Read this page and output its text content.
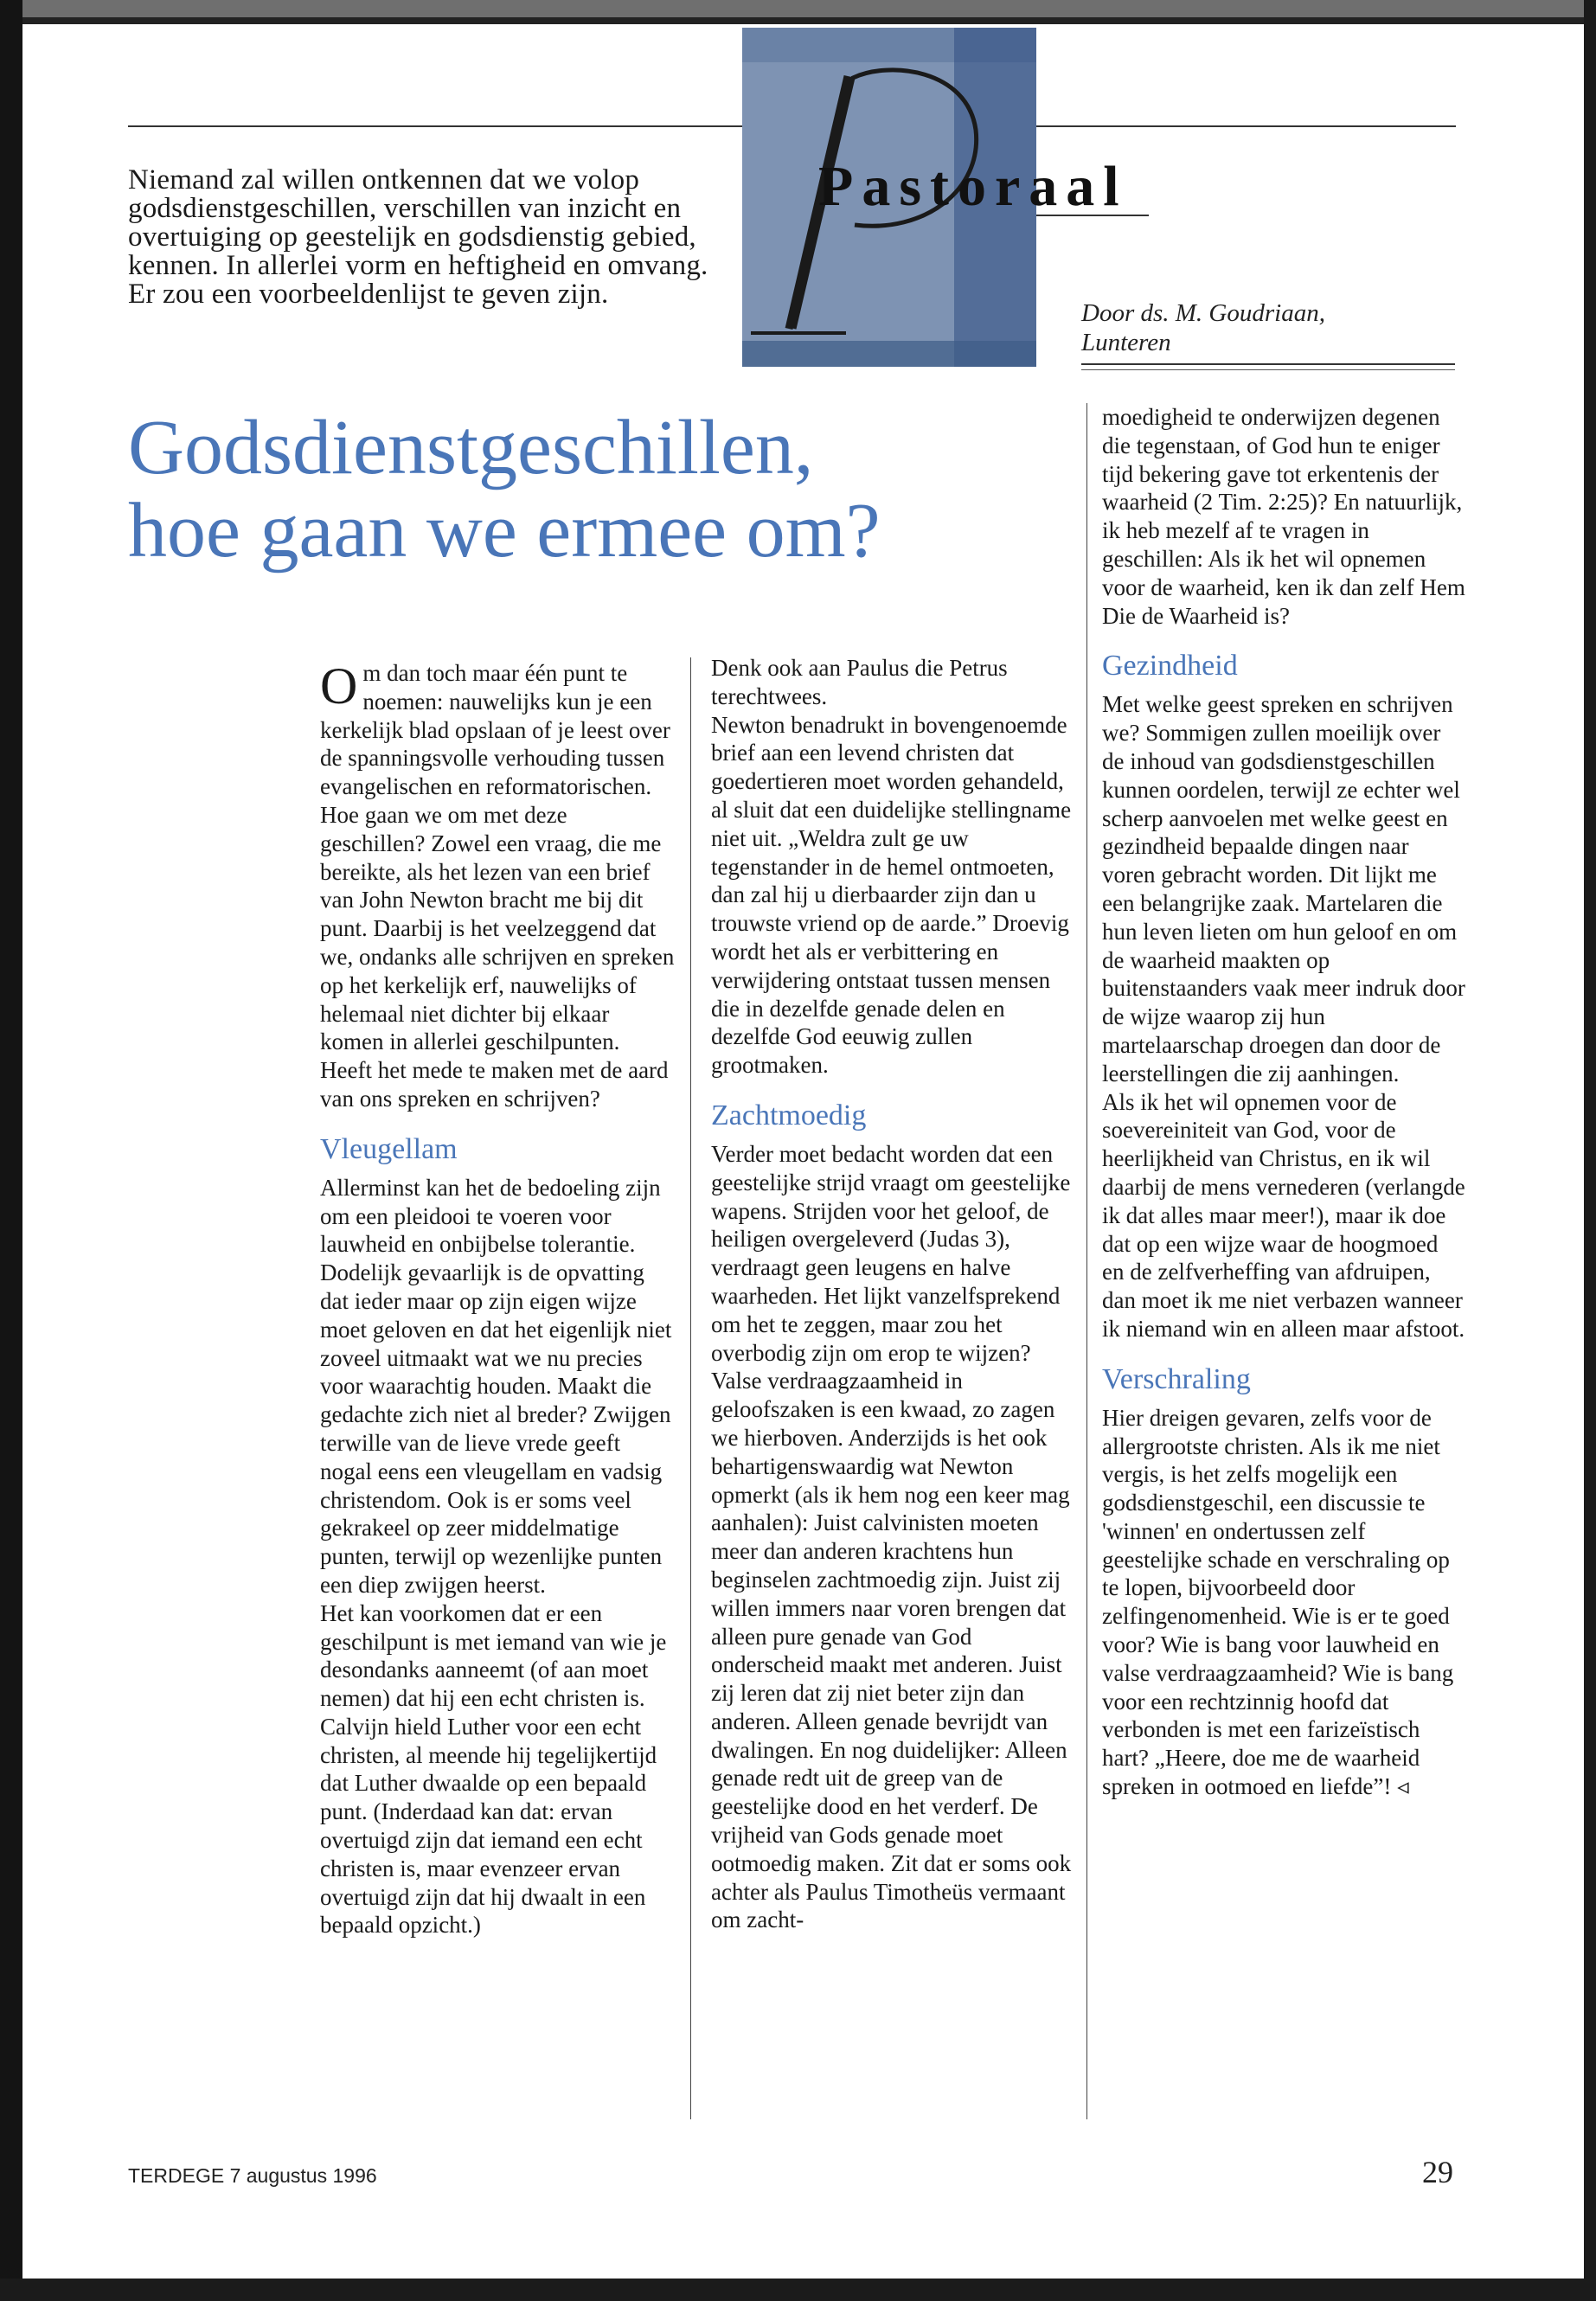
Niemand zal willen ontkennen dat we volop godsdienstgeschillen, verschillen van inzicht en overtuiging op geestelijk en godsdienstig gebied, kennen. In allerlei vorm en heftigheid en omvang. Er zou een voorbeeldenlijst te geven zijn.
Pastoraal
Door ds. M. Goudriaan,
Lunteren
Godsdienstgeschillen,
hoe gaan we ermee om?

Om dan toch maar één punt te noemen: nauwelijks kun je een kerkelijk blad opslaan of je leest over de spanningsvolle verhouding tussen evangelischen en reformatorischen. Hoe gaan we om met deze geschillen? Zowel een vraag, die me bereikte, als het lezen van een brief van John Newton bracht me bij dit punt. Daarbij is het veelzeggend dat we, ondanks alle schrijven en spreken op het kerkelijk erf, nauwelijks of helemaal niet dichter bij elkaar komen in allerlei geschilpunten. Heeft het mede te maken met de aard van ons spreken en schrijven?

Vleugellam

Allerminst kan het de bedoeling zijn om een pleidooi te voeren voor lauwheid en onbijbelse tolerantie. Dodelijk gevaarlijk is de opvatting dat ieder maar op zijn eigen wijze moet geloven en dat het eigenlijk niet zoveel uitmaakt wat we nu precies voor waarachtig houden. Maakt die gedachte zich niet al breder? Zwijgen terwille van de lieve vrede geeft nogal eens een vleugellam en vadsig christendom. Ook is er soms veel gekrakeel op zeer middelmatige punten, terwijl op wezenlijke punten een diep zwijgen heerst.

Het kan voorkomen dat er een geschilpunt is met iemand van wie je desondanks aanneemt (of aan moet nemen) dat hij een echt christen is. Calvijn hield Luther voor een echt christen, al meende hij tegelijkertijd dat Luther dwaalde op een bepaald punt. (Inderdaad kan dat: ervan overtuigd zijn dat iemand een echt christen is, maar evenzeer ervan overtuigd zijn dat hij dwaalt in een bepaald opzicht.)

Denk ook aan Paulus die Petrus terechtwees.

Newton benadrukt in bovengenoemde brief aan een levend christen dat goedertieren moet worden gehandeld, al sluit dat een duidelijke stellingname niet uit. „Weldra zult ge uw tegenstander in de hemel ontmoeten, dan zal hij u dierbaarder zijn dan u trouwste vriend op de aarde.” Droevig wordt het als er verbittering en verwijdering ontstaat tussen mensen die in dezelfde genade delen en dezelfde God eeuwig zullen grootmaken.

Zachtmoedig

Verder moet bedacht worden dat een geestelijke strijd vraagt om geestelijke wapens. Strijden voor het geloof, de heiligen overgeleverd (Judas 3), verdraagt geen leugens en halve waarheden. Het lijkt vanzelfsprekend om het te zeggen, maar zou het overbodig zijn om erop te wijzen? Valse verdraagzaamheid in geloofszaken is een kwaad, zo zagen we hierboven. Anderzijds is het ook behartigenswaardig wat Newton opmerkt (als ik hem nog een keer mag aanhalen): Juist calvinisten moeten meer dan anderen krachtens hun beginselen zachtmoedig zijn. Juist zij willen immers naar voren brengen dat alleen pure genade van God onderscheid maakt met anderen. Juist zij leren dat zij niet beter zijn dan anderen. Alleen genade bevrijdt van dwalingen. En nog duidelijker: Alleen genade redt uit de greep van de geestelijke dood en het verderf. De vrijheid van Gods genade moet ootmoedig maken. Zit dat er soms ook achter als Paulus Timotheüs vermaant om zacht-

moedigheid te onderwijzen degenen die tegenstaan, of God hun te eniger tijd bekering gave tot erkentenis der waarheid (2 Tim. 2:25)? En natuurlijk, ik heb mezelf af te vragen in geschillen: Als ik het wil opnemen voor de waarheid, ken ik dan zelf Hem Die de Waarheid is?

Gezindheid

Met welke geest spreken en schrijven we? Sommigen zullen moeilijk over de inhoud van godsdienstgeschillen kunnen oordelen, terwijl ze echter wel scherp aanvoelen met welke geest en gezindheid bepaalde dingen naar voren gebracht worden. Dit lijkt me een belangrijke zaak. Martelaren die hun leven lieten om hun geloof en om de waarheid maakten op buitenstaanders vaak meer indruk door de wijze waarop zij hun martelaarschap droegen dan door de leerstellingen die zij aanhingen.

Als ik het wil opnemen voor de soevereiniteit van God, voor de heerlijkheid van Christus, en ik wil daarbij de mens vernederen (verlangde ik dat alles maar meer!), maar ik doe dat op een wijze waar de hoogmoed en de zelfverheffing van afdruipen, dan moet ik me niet verbazen wanneer ik niemand win en alleen maar afstoot.

Verschraling

Hier dreigen gevaren, zelfs voor de allergrootste christen. Als ik me niet vergis, is het zelfs mogelijk een godsdienstgeschil, een discussie te 'winnen' en ondertussen zelf geestelijke schade en verschraling op te lopen, bijvoorbeeld door zelfingenomenheid. Wie is er te goed voor? Wie is bang voor lauwheid en valse verdraagzaamheid? Wie is bang voor een rechtzinnig hoofd dat verbonden is met een farizeïstisch hart? „Heere, doe me de waarheid spreken in ootmoed en liefde”! ◃

TERDEGE 7 augustus 1996	29
